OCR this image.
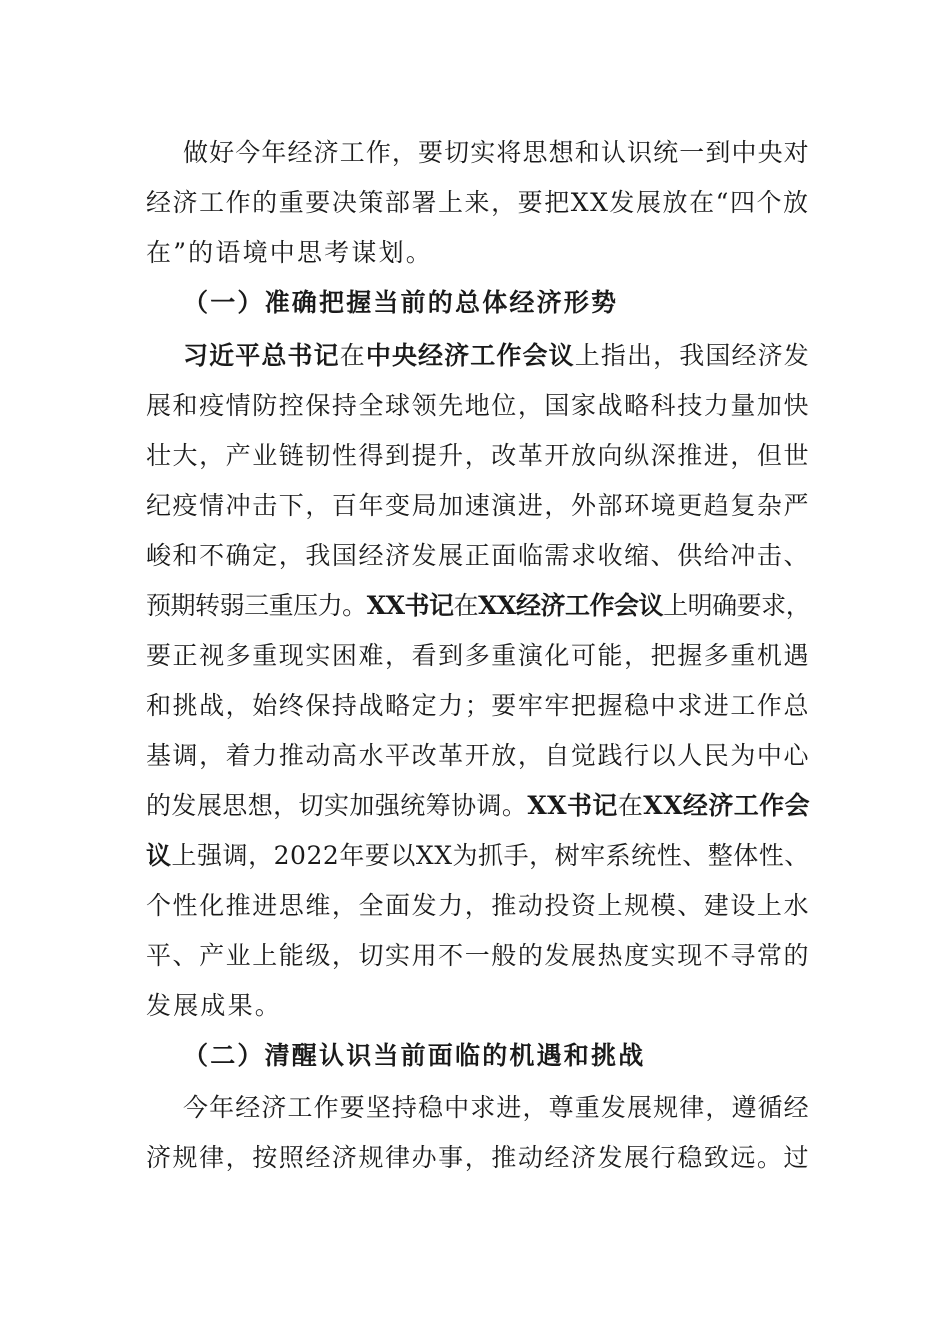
做好今年经济工作，要切实将思想和认识统一到中央对
经济工作的重要决策部署上来，要把XX发展放在“四个放
在”的语境中思考谋划。
（一）准确把握当前的总体经济形势
习近平总书记在中央经济工作会议上指出，我国经济发
展和疫情防控保持全球领先地位，国家战略科技力量加快
壮大，产业链韧性得到提升，改革开放向纵深推进，但世
纪疫情冲击下，百年变局加速演进，外部环境更趋复杂严
峻和不确定，我国经济发展正面临需求收缩、供给冲击、
预期转弱三重压力。XX书记在XX经济工作会议上明确要求，
要正视多重现实困难，看到多重演化可能，把握多重机遇
和挑战，始终保持战略定力；要牢牢把握稳中求进工作总
基调，着力推动高水平改革开放，自觉践行以人民为中心
的发展思想，切实加强统筹协调。XX书记在XX经济工作会
议上强调，2022年要以XX为抓手，树牢系统性、整体性、
个性化推进思维，全面发力，推动投资上规模、建设上水
平、产业上能级，切实用不一般的发展热度实现不寻常的
发展成果。
（二）清醒认识当前面临的机遇和挑战
今年经济工作要坚持稳中求进，尊重发展规律，遵循经
济规律，按照经济规律办事，推动经济发展行稳致远。过
